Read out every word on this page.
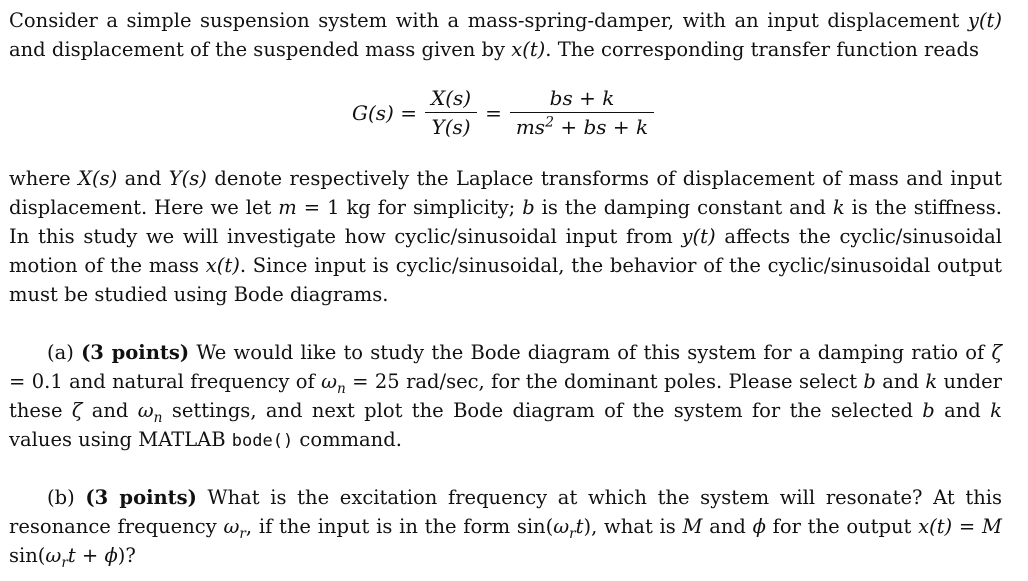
Consider a simple suspension system with a mass-spring-damper, with an input displacement y(t) and displacement of the suspended mass given by x(t). The corresponding transfer function reads

$G(s) = \frac{X(s)}{Y(s)} = \frac{bs + k}{ms^2 + bs + k}$

where X(s) and Y(s) denote respectively the Laplace transforms of displacement of mass and input displacement. Here we let m = 1 kg for simplicity; b is the damping constant and k is the stiffness. In this study we will investigate how cyclic/sinusoidal input from y(t) affects the cyclic/sinusoidal motion of the mass x(t). Since input is cyclic/sinusoidal, the behavior of the cyclic/sinusoidal output must be studied using Bode diagrams.

(a) (3 points) We would like to study the Bode diagram of this system for a damping ratio of ζ = 0.1 and natural frequency of $\omega_n = 25$ rad/sec, for the dominant poles. Please select b and k under these ζ and $\omega_n$ settings, and next plot the Bode diagram of the system for the selected b and k values using MATLAB bode() command.

(b) (3 points) What is the excitation frequency at which the system will resonate? At this resonance frequency $\omega_r$, if the input is in the form $\sin(\omega_rt)$, what is M and ϕ for the output x(t) = M $\sin(\omega_rt + \phi)$?
